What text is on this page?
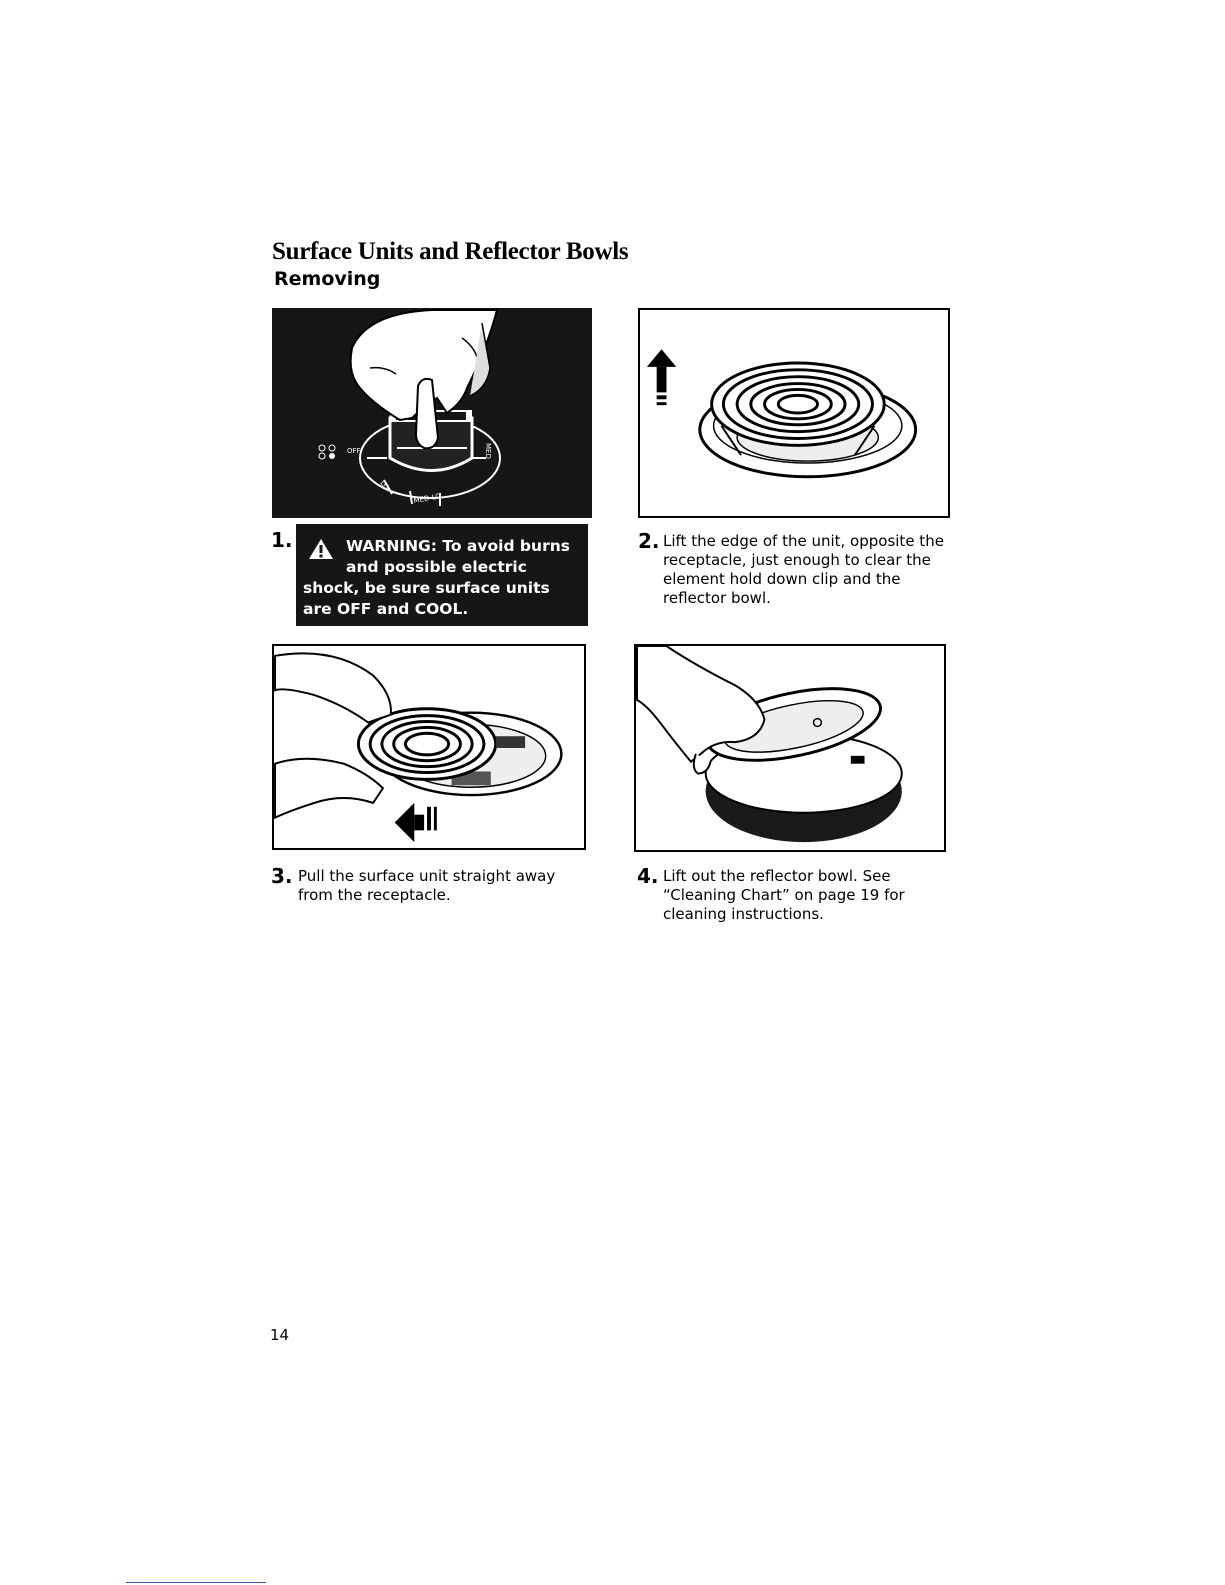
Surface Units and Reflector Bowls
Removing
OFF
LO
MED-LO
MED
1.	WARNING: To avoid burns and possible electric
shock, be sure surface units are OFF and COOL.
2. Lift the edge of the unit, opposite the receptacle, just enough to clear the element hold down clip and the reflector bowl.

3. Pull the surface unit straight away from the receptacle.

4. Lift out the reflector bowl. See “Cleaning Chart” on page 19 for cleaning instructions.

14
